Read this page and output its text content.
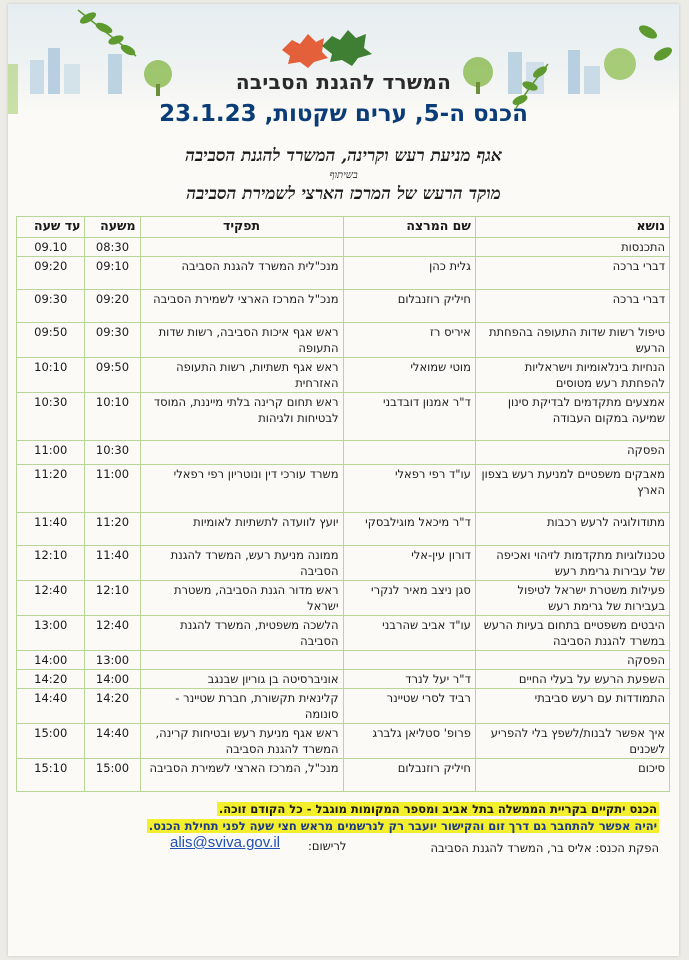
המשרד להגנת הסביבה
הכנס ה-5, ערים שקטות, 23.1.23
אגף מניעת רעש וקרינה, המשרד להגנת הסביבה
בשיתוף
מוקד הרעש של המרכז הארצי לשמירת הסביבה
נושא	שם המרצה	תפקיד	משעה	עד שעה
התכנסות			08:30	09.10
דברי ברכה	גלית כהן	מנכ"לית המשרד להגנת הסביבה	09:10	09:20
דברי ברכה	חיליק רוזנבלום	מנכ"ל המרכז הארצי לשמירת הסביבה	09:20	09:30
טיפול רשות שדות התעופה בהפחתת הרעש	איריס רז	ראש אגף איכות הסביבה, רשות שדות התעופה	09:30	09:50
הנחיות בינלאומיות וישראליות להפחתת רעש מטוסים	מוטי שמואלי	ראש אגף תשתיות, רשות התעופה האזרחית	09:50	10:10
אמצעים מתקדמים לבדיקת סינון שמיעה במקום העבודה	ד"ר אמנון דובדבני	ראש תחום קרינה בלתי מייננת, המוסד לבטיחות ולגיהות	10:10	10:30
הפסקה			10:30	11:00
מאבקים משפטיים למניעת רעש בצפון הארץ	עו"ד רפי רפאלי	משרד עורכי דין ונוטריון רפי רפאלי	11:00	11:20
מתודולוגיה לרעש רכבות	ד"ר מיכאל מוגילבסקי	יועץ לוועדה לתשתיות לאומיות	11:20	11:40
טכנולוגיות מתקדמות לזיהוי ואכיפה של עבירות גרימת רעש	דורון עין-אלי	ממונה מניעת רעש, המשרד להגנת הסביבה	11:40	12:10
פעילות משטרת ישראל לטיפול בעבירות של גרימת רעש	סגן ניצב מאיר לנקרי	ראש מדור הגנת הסביבה, משטרת ישראל	12:10	12:40
היבטים משפטיים בתחום בעיות הרעש במשרד להגנת הסביבה	עו"ד אביב שהרבני	הלשכה משפטית, המשרד להגנת הסביבה	12:40	13:00
הפסקה			13:00	14:00
השפעת הרעש על בעלי החיים	ד"ר יעל לנרד	אוניברסיטה בן גוריון שבנגב	14:00	14:20
התמודדות עם רעש סביבתי	רביד לסרי שטיינר	קלינאית תקשורת, חברת שטיינר - סונומה	14:20	14:40
איך אפשר לבנות/לשפץ בלי להפריע לשכנים	פרופ' סטליאן גלברג	ראש אגף מניעת רעש ובטיחות קרינה, המשרד להגנת הסביבה	14:40	15:00
סיכום	חיליק רוזנבלום	מנכ"ל, המרכז הארצי לשמירת הסביבה	15:00	15:10
הכנס יתקיים בקריית הממשלה בתל אביב ומספר המקומות מוגבל - כל הקודם זוכה.
יהיה אפשר להתחבר גם דרך זום והקישור יועבר רק לנרשמים מראש חצי שעה לפני תחילת הכנס.
הפקת הכנס: אליס בר, המשרד להגנת הסביבה
לרישום:
alis@sviva.gov.il
